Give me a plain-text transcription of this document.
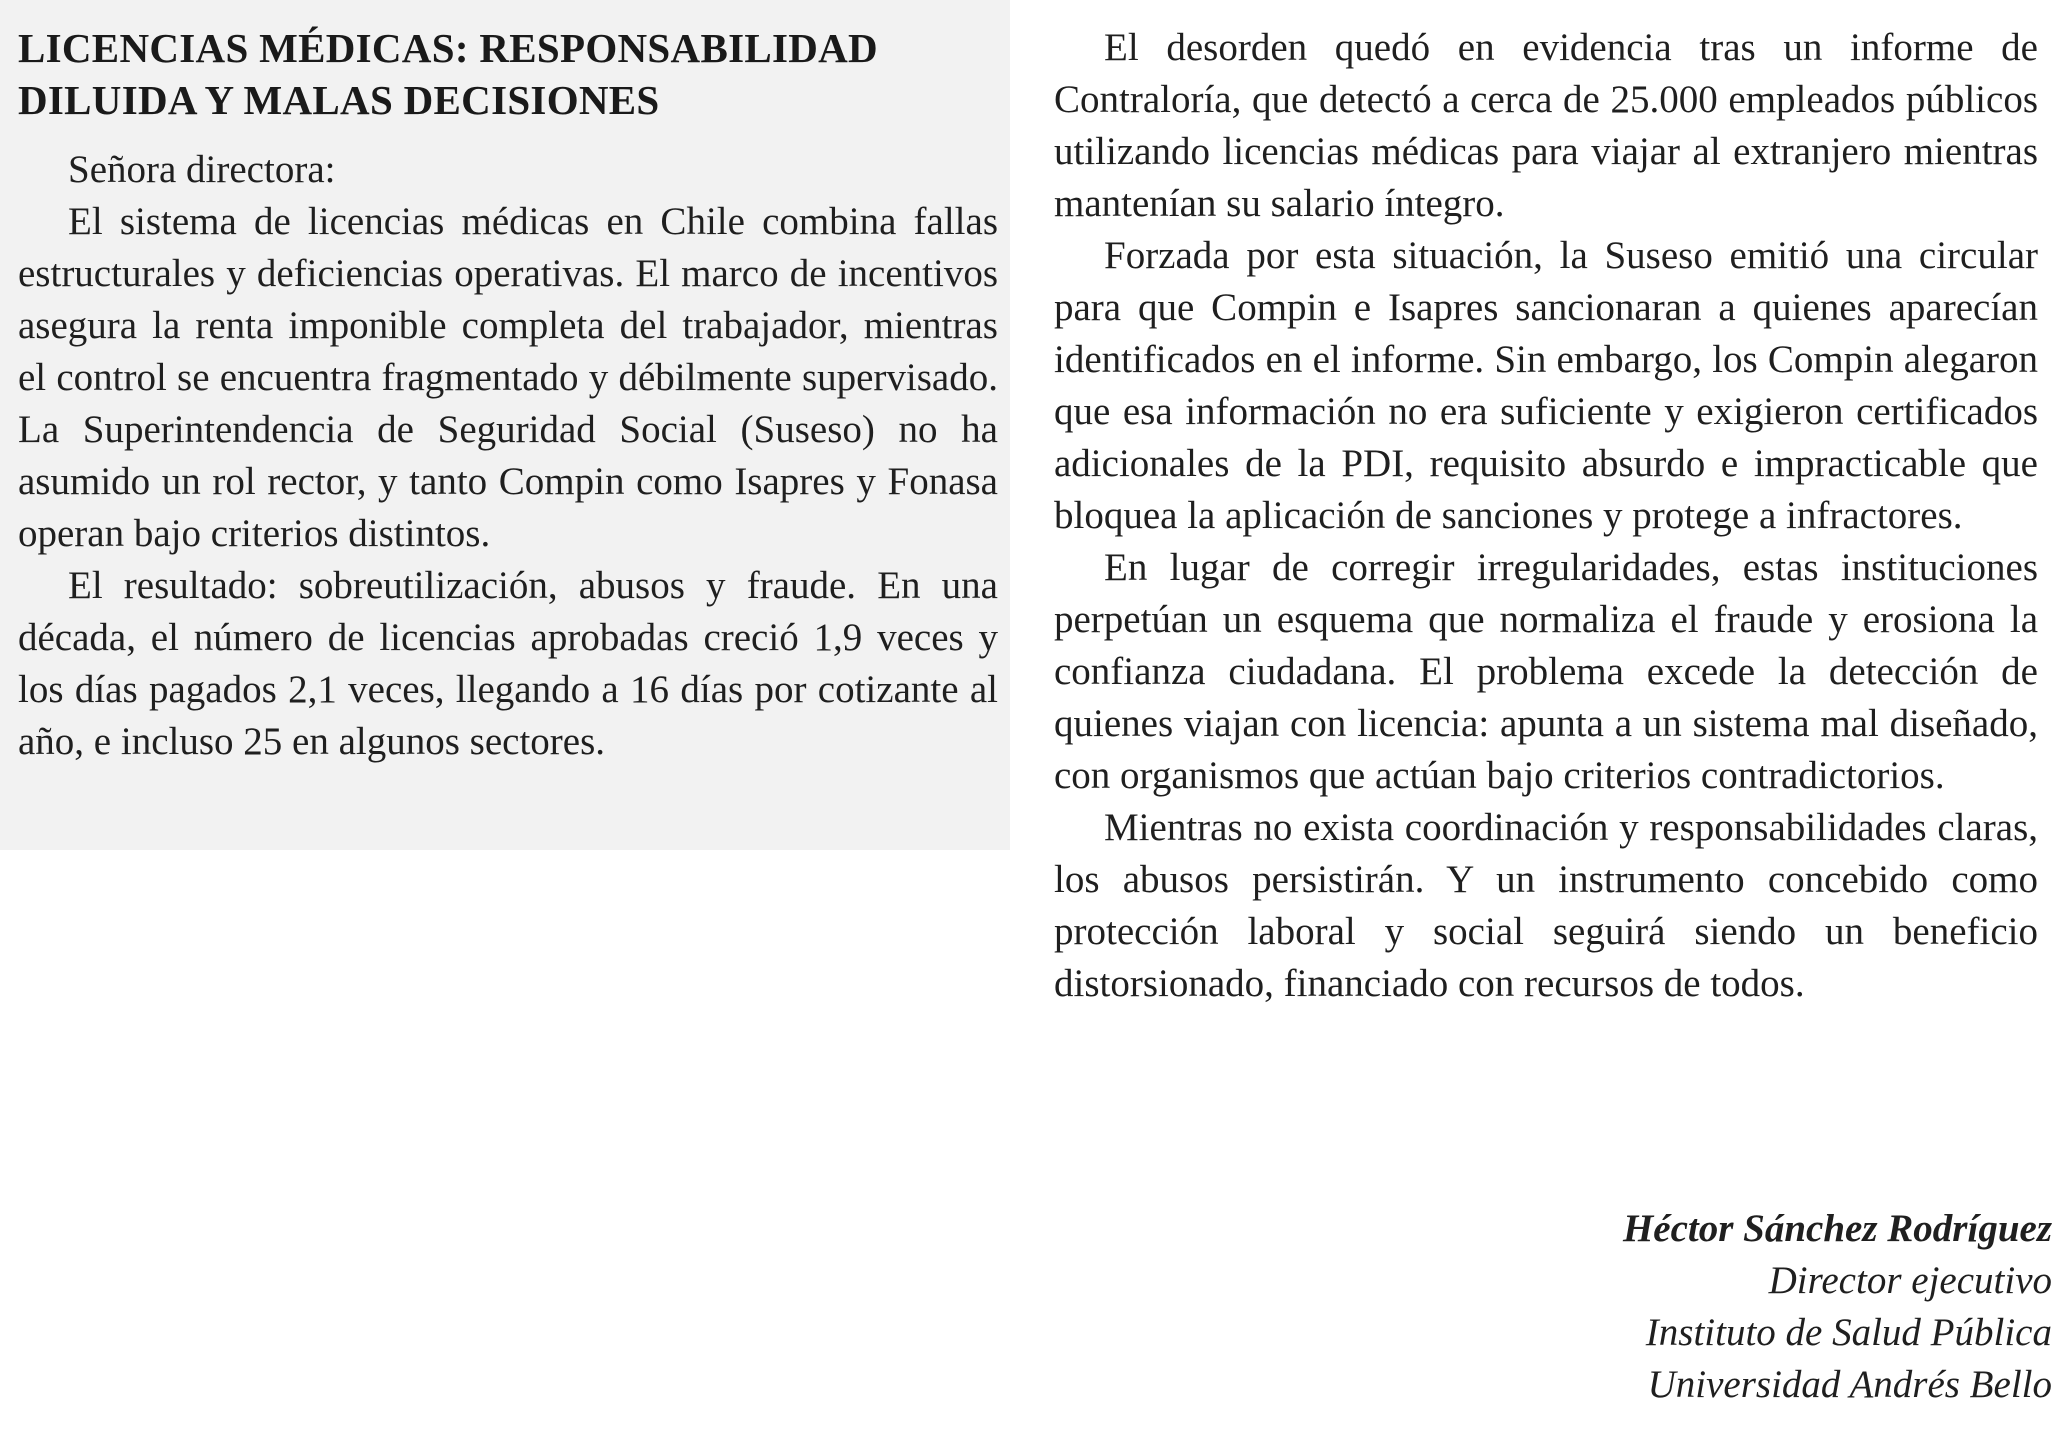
LICENCIAS MÉDICAS: RESPONSABILIDAD DILUIDA Y MALAS DECISIONES

Señora directora:

El sistema de licencias médicas en Chile combina fallas estructurales y deficiencias operativas. El marco de incentivos asegura la renta imponible completa del trabajador, mientras el control se encuentra fragmentado y débilmente supervisado. La Superintendencia de Seguridad Social (Suseso) no ha asumido un rol rector, y tanto Compin como Isapres y Fonasa operan bajo criterios distintos.

El resultado: sobreutilización, abusos y fraude. En una década, el número de licencias aprobadas creció 1,9 veces y los días pagados 2,1 veces, llegando a 16 días por cotizante al año, e incluso 25 en algunos sectores.

El desorden quedó en evidencia tras un informe de Contraloría, que detectó a cerca de 25.000 empleados públicos utilizando licencias médicas para viajar al extranjero mientras mantenían su salario íntegro.

Forzada por esta situación, la Suseso emitió una circular para que Compin e Isapres sancionaran a quienes aparecían identificados en el informe. Sin embargo, los Compin alegaron que esa información no era suficiente y exigieron certificados adicionales de la PDI, requisito absurdo e impracticable que bloquea la aplicación de sanciones y protege a infractores.

En lugar de corregir irregularidades, estas instituciones perpetúan un esquema que normaliza el fraude y erosiona la confianza ciudadana. El problema excede la detección de quienes viajan con licencia: apunta a un sistema mal diseñado, con organismos que actúan bajo criterios contradictorios.

Mientras no exista coordinación y responsabilidades claras, los abusos persistirán. Y un instrumento concebido como protección laboral y social seguirá siendo un beneficio distorsionado, financiado con recursos de todos.

Héctor Sánchez Rodríguez
Director ejecutivo
Instituto de Salud Pública
Universidad Andrés Bello
